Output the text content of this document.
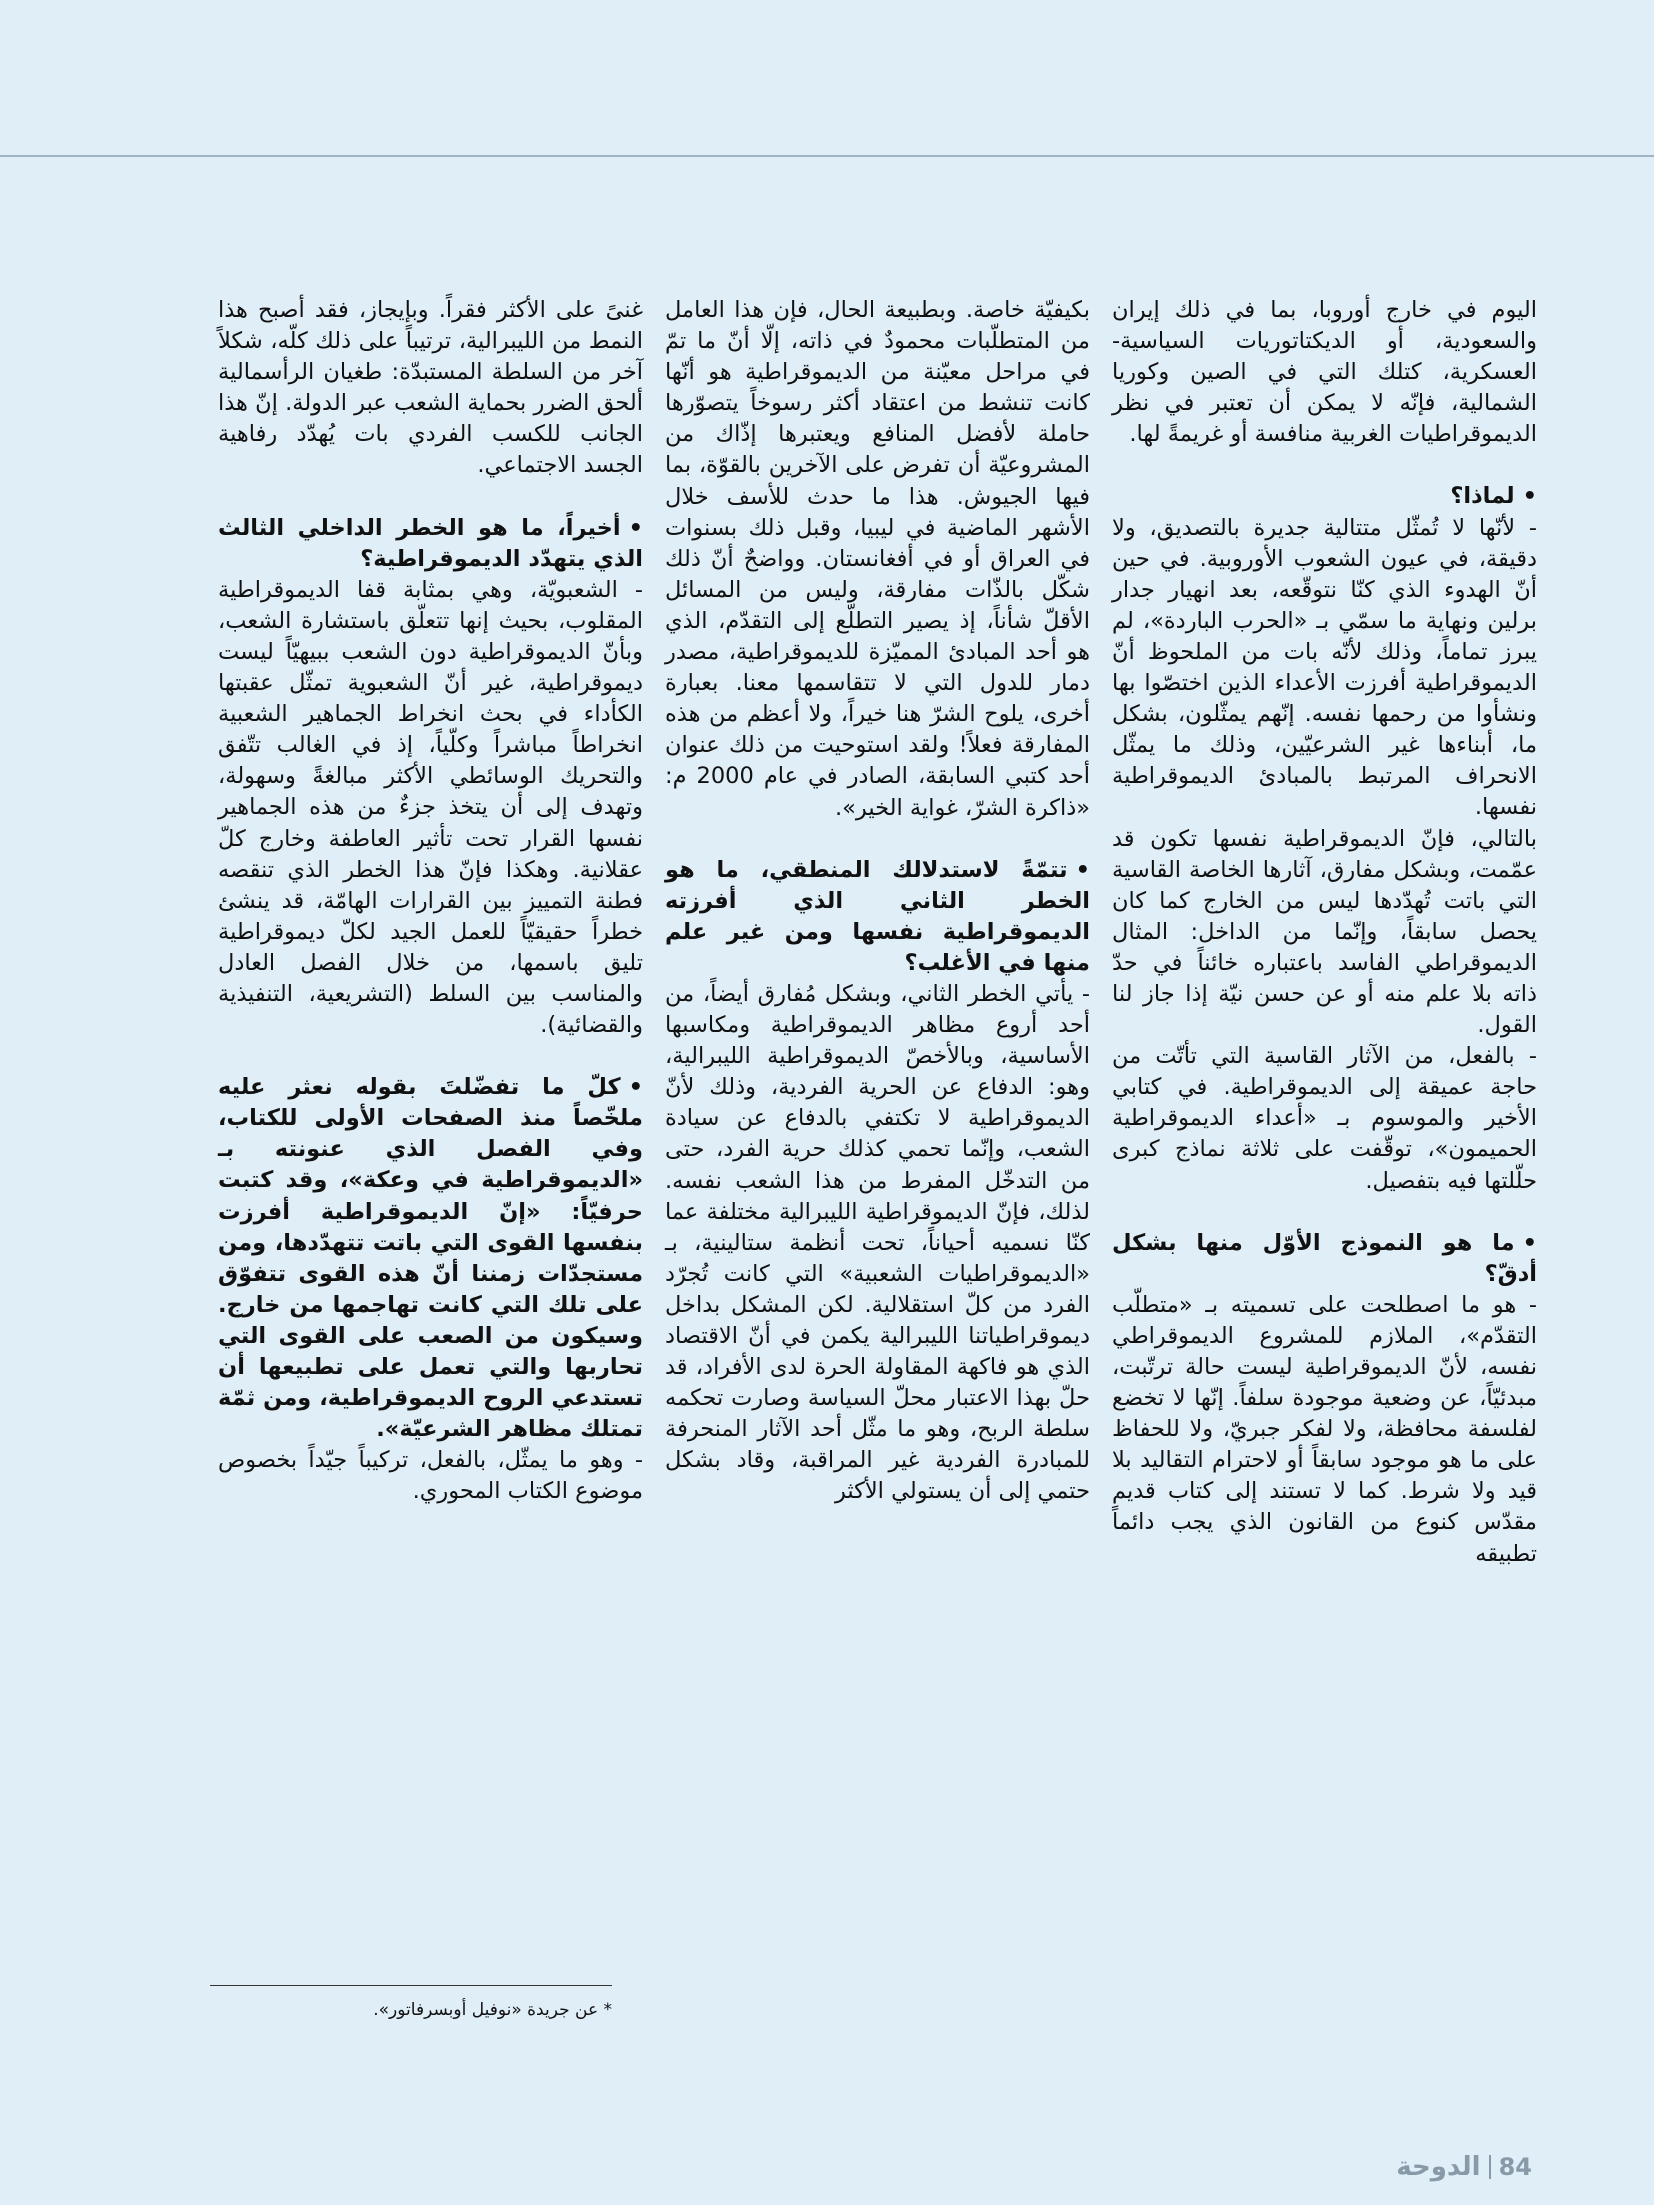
اليوم في خارج أوروبا، بما في ذلك إيران والسعودية، أو الديكتاتوريات السياسية- العسكرية، كتلك التي في الصين وكوريا الشمالية، فإنّه لا يمكن أن تعتبر في نظر الديموقراطيات الغربية منافسة أو غريمةً لها.

•لماذا؟

- لأنّها لا تُمثّل متتالية جديرة بالتصديق، ولا دقيقة، في عيون الشعوب الأوروبية. في حين أنّ الهدوء الذي كنّا نتوقّعه، بعد انهيار جدار برلين ونهاية ما سمّي بـ «الحرب الباردة»، لم يبرز تماماً، وذلك لأنّه بات من الملحوظ أنّ الديموقراطية أفرزت الأعداء الذين اختصّوا بها ونشأوا من رحمها نفسه. إنّهم يمثّلون، بشكل ما، أبناءها غير الشرعيّين، وذلك ما يمثّل الانحراف المرتبط بالمبادئ الديموقراطية نفسها.

بالتالي، فإنّ الديموقراطية نفسها تكون قد عمّمت، وبشكل مفارق، آثارها الخاصة القاسية التي باتت تُهدّدها ليس من الخارج كما كان يحصل سابقاً، وإنّما من الداخل: المثال الديموقراطي الفاسد باعتباره خائناً في حدّ ذاته بلا علم منه أو عن حسن نيّة إذا جاز لنا القول.

- بالفعل، من الآثار القاسية التي تأتّت من حاجة عميقة إلى الديموقراطية. في كتابي الأخير والموسوم بـ «أعداء الديموقراطية الحميمون»، توقّفت على ثلاثة نماذج كبرى حلّلتها فيه بتفصيل.

•ما هو النموذج الأوّل منها بشكل أدقّ؟

- هو ما اصطلحت على تسميته بـ «متطلّب التقدّم»، الملازم للمشروع الديموقراطي نفسه، لأنّ الديموقراطية ليست حالة ترتّبت، مبدئيّاً، عن وضعية موجودة سلفاً. إنّها لا تخضع لفلسفة محافظة، ولا لفكر جبريّ، ولا للحفاظ على ما هو موجود سابقاً أو لاحترام التقاليد بلا قيد ولا شرط. كما لا تستند إلى كتاب قديم مقدّس كنوع من القانون الذي يجب دائماً تطبيقه

بكيفيّة خاصة. وبطبيعة الحال، فإن هذا العامل من المتطلّبات محمودٌ في ذاته، إلّا أنّ ما تمّ في مراحل معيّنة من الديموقراطية هو أنّها كانت تنشط من اعتقاد أكثر رسوخاً يتصوّرها حاملة لأفضل المنافع ويعتبرها إذّاك من المشروعيّة أن تفرض على الآخرين بالقوّة، بما فيها الجيوش. هذا ما حدث للأسف خلال الأشهر الماضية في ليبيا، وقبل ذلك بسنوات في العراق أو في أفغانستان. وواضحٌ أنّ ذلك شكّل بالذّات مفارقة، وليس من المسائل الأقلّ شأناً، إذ يصير التطلّع إلى التقدّم، الذي هو أحد المبادئ المميّزة للديموقراطية، مصدر دمار للدول التي لا تتقاسمها معنا. بعبارة أخرى، يلوح الشرّ هنا خيراً، ولا أعظم من هذه المفارقة فعلاً! ولقد استوحيت من ذلك عنوان أحد كتبي السابقة، الصادر في عام 2000 م: «ذاكرة الشرّ، غواية الخير».

•تتمّةً لاستدلالك المنطقي، ما هو الخطر الثاني الذي أفرزته الديموقراطية نفسها ومن غير علم منها في الأغلب؟

- يأتي الخطر الثاني، وبشكل مُفارق أيضاً، من أحد أروع مظاهر الديموقراطية ومكاسبها الأساسية، وبالأخصّ الديموقراطية الليبرالية، وهو: الدفاع عن الحرية الفردية، وذلك لأنّ الديموقراطية لا تكتفي بالدفاع عن سيادة الشعب، وإنّما تحمي كذلك حرية الفرد، حتى من التدخّل المفرط من هذا الشعب نفسه. لذلك، فإنّ الديموقراطية الليبرالية مختلفة عما كنّا نسميه أحياناً، تحت أنظمة ستالينية، بـ «الديموقراطيات الشعبية» التي كانت تُجرّد الفرد من كلّ استقلالية. لكن المشكل بداخل ديموقراطياتنا الليبرالية يكمن في أنّ الاقتصاد الذي هو فاكهة المقاولة الحرة لدى الأفراد، قد حلّ بهذا الاعتبار محلّ السياسة وصارت تحكمه سلطة الربح، وهو ما مثّل أحد الآثار المنحرفة للمبادرة الفردية غير المراقبة، وقاد بشكل حتمي إلى أن يستولي الأكثر

غنىً على الأكثر فقراً. وبإيجاز، فقد أصبح هذا النمط من الليبرالية، ترتيباً على ذلك كلّه، شكلاً آخر من السلطة المستبدّة: طغيان الرأسمالية ألحق الضرر بحماية الشعب عبر الدولة. إنّ هذا الجانب للكسب الفردي بات يُهدّد رفاهية الجسد الاجتماعي.

•أخيراً، ما هو الخطر الداخلي الثالث الذي يتهدّد الديموقراطية؟

- الشعبويّة، وهي بمثابة قفا الديموقراطية المقلوب، بحيث إنها تتعلّق باستشارة الشعب، وبأنّ الديموقراطية دون الشعب ببيهيّاً ليست ديموقراطية، غير أنّ الشعبوية تمثّل عقبتها الكأداء في بحث انخراط الجماهير الشعبية انخراطاً مباشراً وكلّياً، إذ في الغالب تتّفق والتحريك الوسائطي الأكثر مبالغةً وسهولة، وتهدف إلى أن يتخذ جزءٌ من هذه الجماهير نفسها القرار تحت تأثير العاطفة وخارج كلّ عقلانية. وهكذا فإنّ هذا الخطر الذي تنقصه فطنة التمييز بين القرارات الهامّة، قد ينشئ خطراً حقيقيّاً للعمل الجيد لكلّ ديموقراطية تليق باسمها، من خلال الفصل العادل والمناسب بين السلط (التشريعية، التنفيذية والقضائية).

•كلّ ما تفضّلتَ بقوله نعثر عليه ملخّصاً منذ الصفحات الأولى للكتاب، وفي الفصل الذي عنونته بـ «الديموقراطية في وعكة»، وقد كتبت حرفيّاً: «إنّ الديموقراطية أفرزت بنفسها القوى التي باتت تتهدّدها، ومن مستجدّات زمننا أنّ هذه القوى تتفوّق على تلك التي كانت تهاجمها من خارج. وسيكون من الصعب على القوى التي تحاربها والتي تعمل على تطبيعها أن تستدعي الروح الديموقراطية، ومن ثمّة تمتلك مظاهر الشرعيّة».

- وهو ما يمثّل، بالفعل، تركيباً جيّداً بخصوص موضوع الكتاب المحوري.

* عن جريدة «نوفيل أوبسرفاتور».
84
الدوحة
